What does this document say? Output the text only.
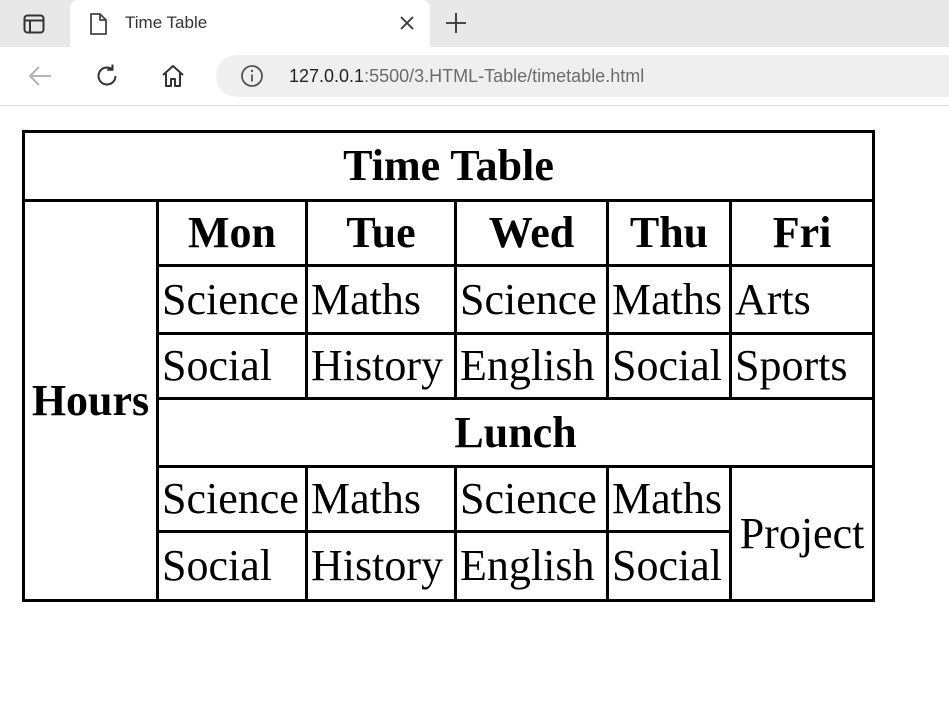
Time Table
127.0.0.1:5500/3.HTML-Table/timetable.html
Time Table					
Hours	Mon	Tue	Wed	Thu	Fri
	Science	Maths	Science	Maths	Arts
	Social	History	English	Social	Sports
	Lunch				
	Science	Maths	Science	Maths	Project
	Social	History	English	Social	
